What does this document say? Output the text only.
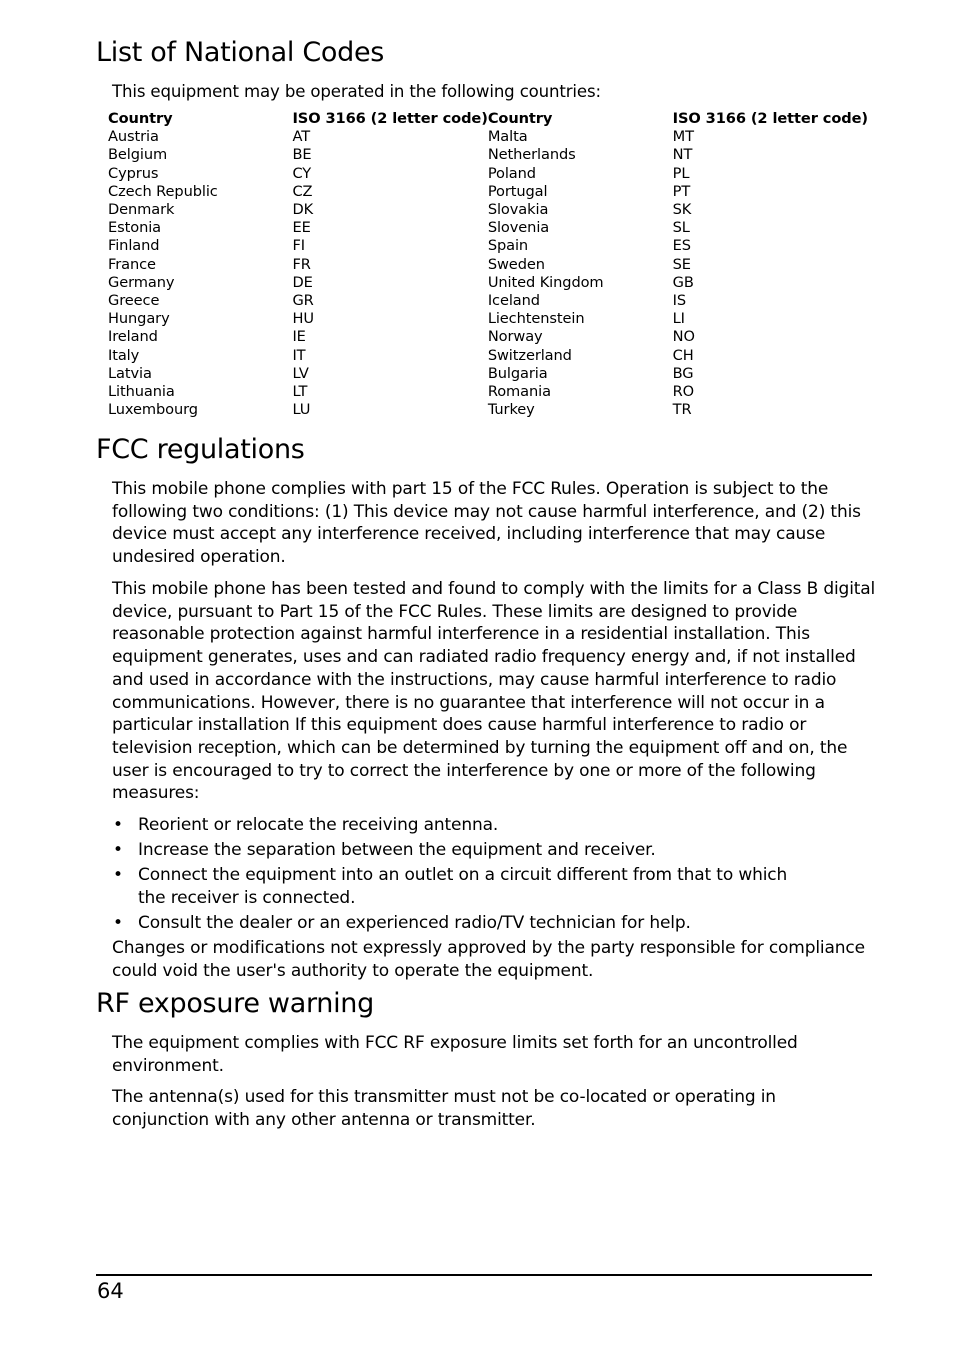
List of National Codes

This equipment may be operated in the following countries:

Country	ISO 3166 (2 letter code)	Country	ISO 3166 (2 letter code)
Austria	AT	Malta	MT
Belgium	BE	Netherlands	NT
Cyprus	CY	Poland	PL
Czech Republic	CZ	Portugal	PT
Denmark	DK	Slovakia	SK
Estonia	EE	Slovenia	SL
Finland	FI	Spain	ES
France	FR	Sweden	SE
Germany	DE	United Kingdom	GB
Greece	GR	Iceland	IS
Hungary	HU	Liechtenstein	LI
Ireland	IE	Norway	NO
Italy	IT	Switzerland	CH
Latvia	LV	Bulgaria	BG
Lithuania	LT	Romania	RO
Luxembourg	LU	Turkey	TR
FCC regulations

This mobile phone complies with part 15 of the FCC Rules. Operation is subject to the following two conditions: (1) This device may not cause harmful interference, and (2) this device must accept any interference received, including interference that may cause undesired operation.

This mobile phone has been tested and found to comply with the limits for a Class B digital device, pursuant to Part 15 of the FCC Rules. These limits are designed to provide reasonable protection against harmful interference in a residential installation. This equipment generates, uses and can radiated radio frequency energy and, if not installed and used in accordance with the instructions, may cause harmful interference to radio communications. However, there is no guarantee that interference will not occur in a particular installation If this equipment does cause harmful interference to radio or television reception, which can be determined by turning the equipment off and on, the user is encouraged to try to correct the interference by one or more of the following measures:

• Reorient or relocate the receiving antenna.
• Increase the separation between the equipment and receiver.
• Connect the equipment into an outlet on a circuit different from that to which the receiver is connected.
• Consult the dealer or an experienced radio/TV technician for help.

Changes or modifications not expressly approved by the party responsible for compliance could void the user's authority to operate the equipment.

RF exposure warning

The equipment complies with FCC RF exposure limits set forth for an uncontrolled environment.

The antenna(s) used for this transmitter must not be co-located or operating in conjunction with any other antenna or transmitter.

64
